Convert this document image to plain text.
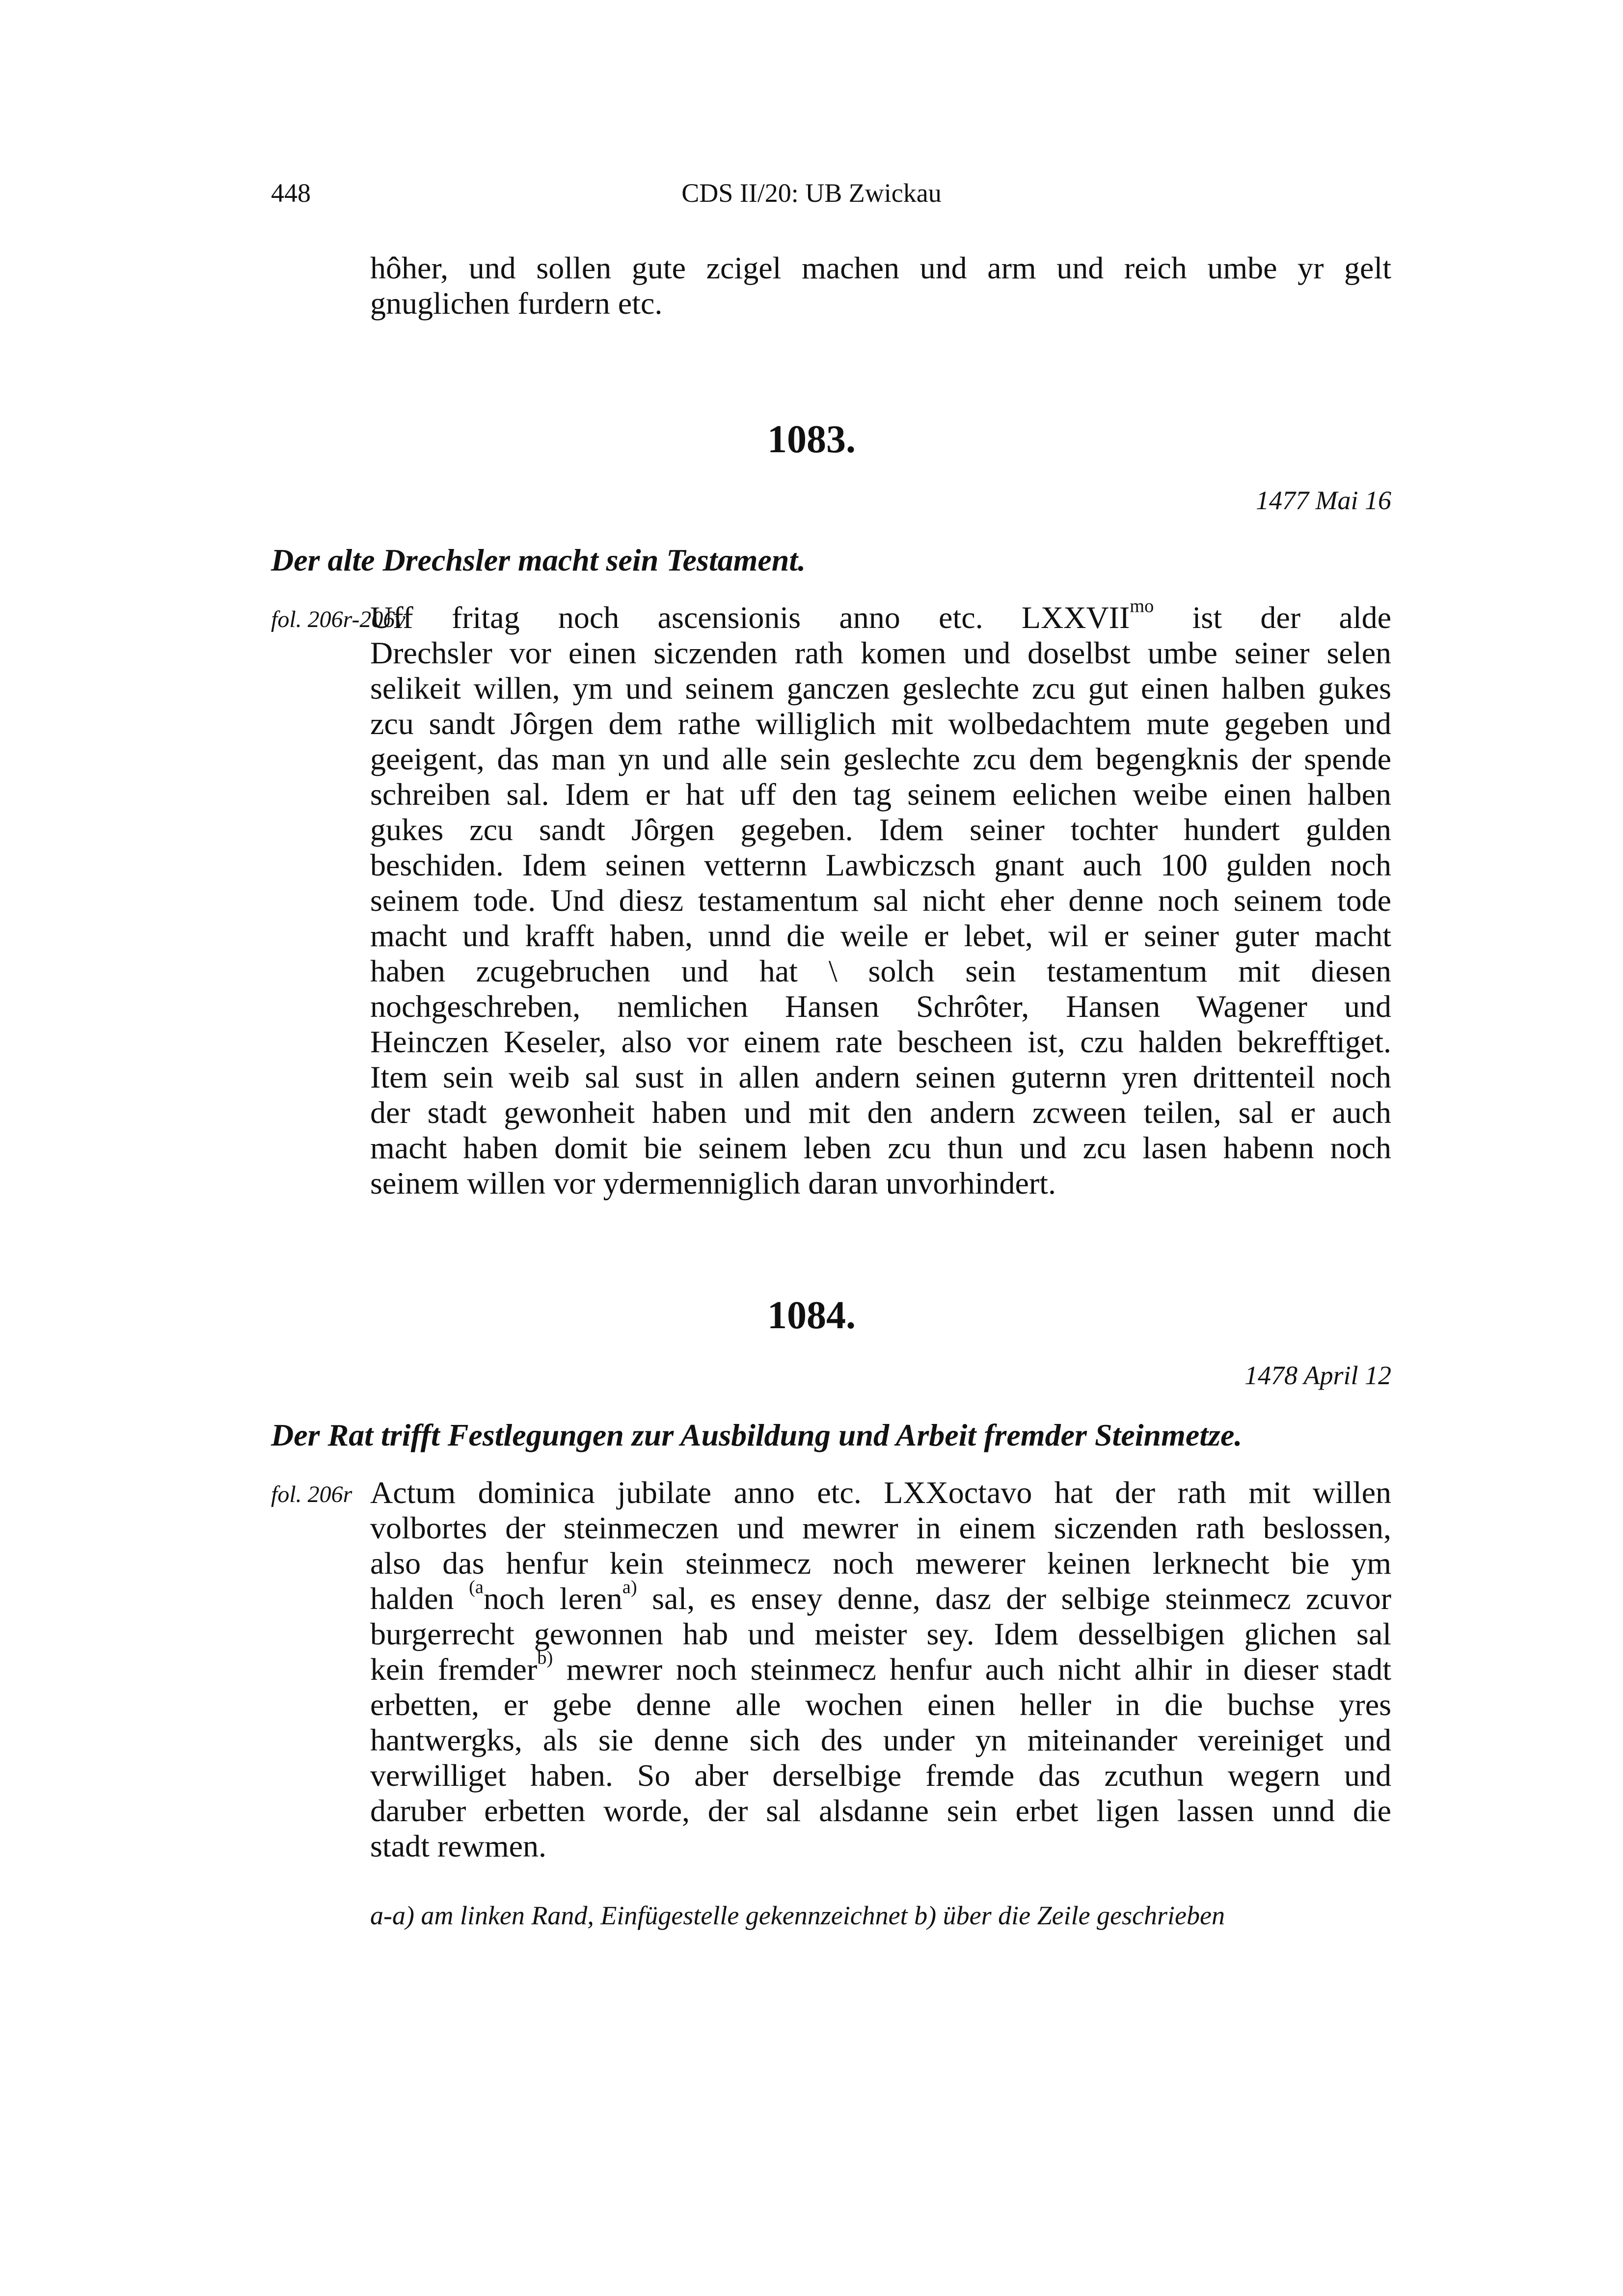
448	CDS II/20: UB Zwickau
hôher, und sollen gute zcigel machen und arm und reich umbe yr gelt
gnuglichen furdern etc.
1083.
1477 Mai 16
Der alte Drechsler macht sein Testament.
fol. 206r-206v
Uff fritag noch ascensionis anno etc. $LXXVII^{mo}$ ist der alde
Drechsler vor einen siczenden rath komen und doselbst umbe seiner selen
selikeit willen, ym und seinem ganczen geslechte zcu gut einen halben gukes
zcu sandt Jôrgen dem rathe williglich mit wolbedachtem mute gegeben und
geeigent, das man yn und alle sein geslechte zcu dem begengknis der spende
schreiben sal. Idem er hat uff den tag seinem eelichen weibe einen halben
gukes zcu sandt Jôrgen gegeben. Idem seiner tochter hundert gulden
beschiden. Idem seinen vetternn Lawbiczsch gnant auch 100 gulden noch
seinem tode. Und diesz testamentum sal nicht eher denne noch seinem tode
macht und krafft haben, unnd die weile er lebet, wil er seiner guter macht
haben zcugebruchen und hat \ solch sein testamentum mit diesen
nochgeschreben, nemlichen Hansen Schrôter, Hansen Wagener und
Heinczen Keseler, also vor einem rate bescheen ist, czu halden bekrefftiget.
Item sein weib sal sust in allen andern seinen guternn yren drittenteil noch
der stadt gewonheit haben und mit den andern zcween teilen, sal er auch
macht haben domit bie seinem leben zcu thun und zcu lasen habenn noch
seinem willen vor ydermenniglich daran unvorhindert.
1084.
1478 April 12
Der Rat trifft Festlegungen zur Ausbildung und Arbeit fremder Steinmetze.
fol. 206r Actum dominica jubilate anno etc. LXXoctavo hat der rath mit willen
volbortes der steinmeczen und mewrer in einem siczenden rath beslossen,
also das henfur kein steinmecz noch mewerer keinen lerknecht bie ym
halden $^{(a}$noch leren$^{a)}$ sal, es ensey denne, dasz der selbige steinmecz zcuvor
burgerrecht gewonnen hab und meister sey. Idem desselbigen glichen sal
kein fremder$^{b)}$ mewrer noch steinmecz henfur auch nicht alhir in dieser stadt
erbetten, er gebe denne alle wochen einen heller in die buchse yres
hantwergks, als sie denne sich des under yn miteinander vereiniget und
verwilliget haben. So aber derselbige fremde das zcuthun wegern und
daruber erbetten worde, der sal alsdanne sein erbet ligen lassen unnd die
stadt rewmen.
a-a) am linken Rand, Einfügestelle gekennzeichnet b) über die Zeile geschrieben
